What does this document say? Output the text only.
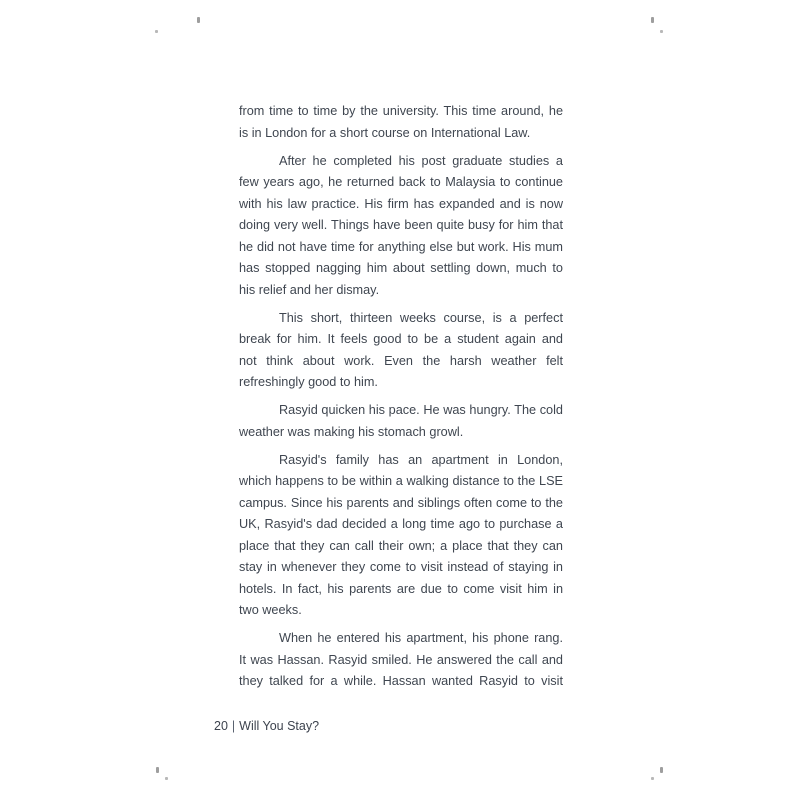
from time to time by the university. This time around, he
is in London for a short course on International Law.
After he completed his post graduate studies a
few years ago, he returned back to Malaysia to continue
with his law practice. His firm has expanded and is now
doing very well. Things have been quite busy for him that
he did not have time for anything else but work. His mum
has stopped nagging him about settling down, much to
his relief and her dismay.
This short, thirteen weeks course, is a perfect
break for him. It feels good to be a student again and
not think about work. Even the harsh weather felt
refreshingly good to him.
Rasyid quicken his pace. He was hungry. The cold
weather was making his stomach growl.
Rasyid's family has an apartment in London,
which happens to be within a walking distance to the LSE
campus. Since his parents and siblings often come to the
UK, Rasyid's dad decided a long time ago to purchase a
place that they can call their own; a place that they can
stay in whenever they come to visit instead of staying in
hotels. In fact, his parents are due to come visit him in
two weeks.
When he entered his apartment, his phone rang.
It was Hassan. Rasyid smiled. He answered the call and
they talked for a while. Hassan wanted Rasyid to visit
20 | Will You Stay?
